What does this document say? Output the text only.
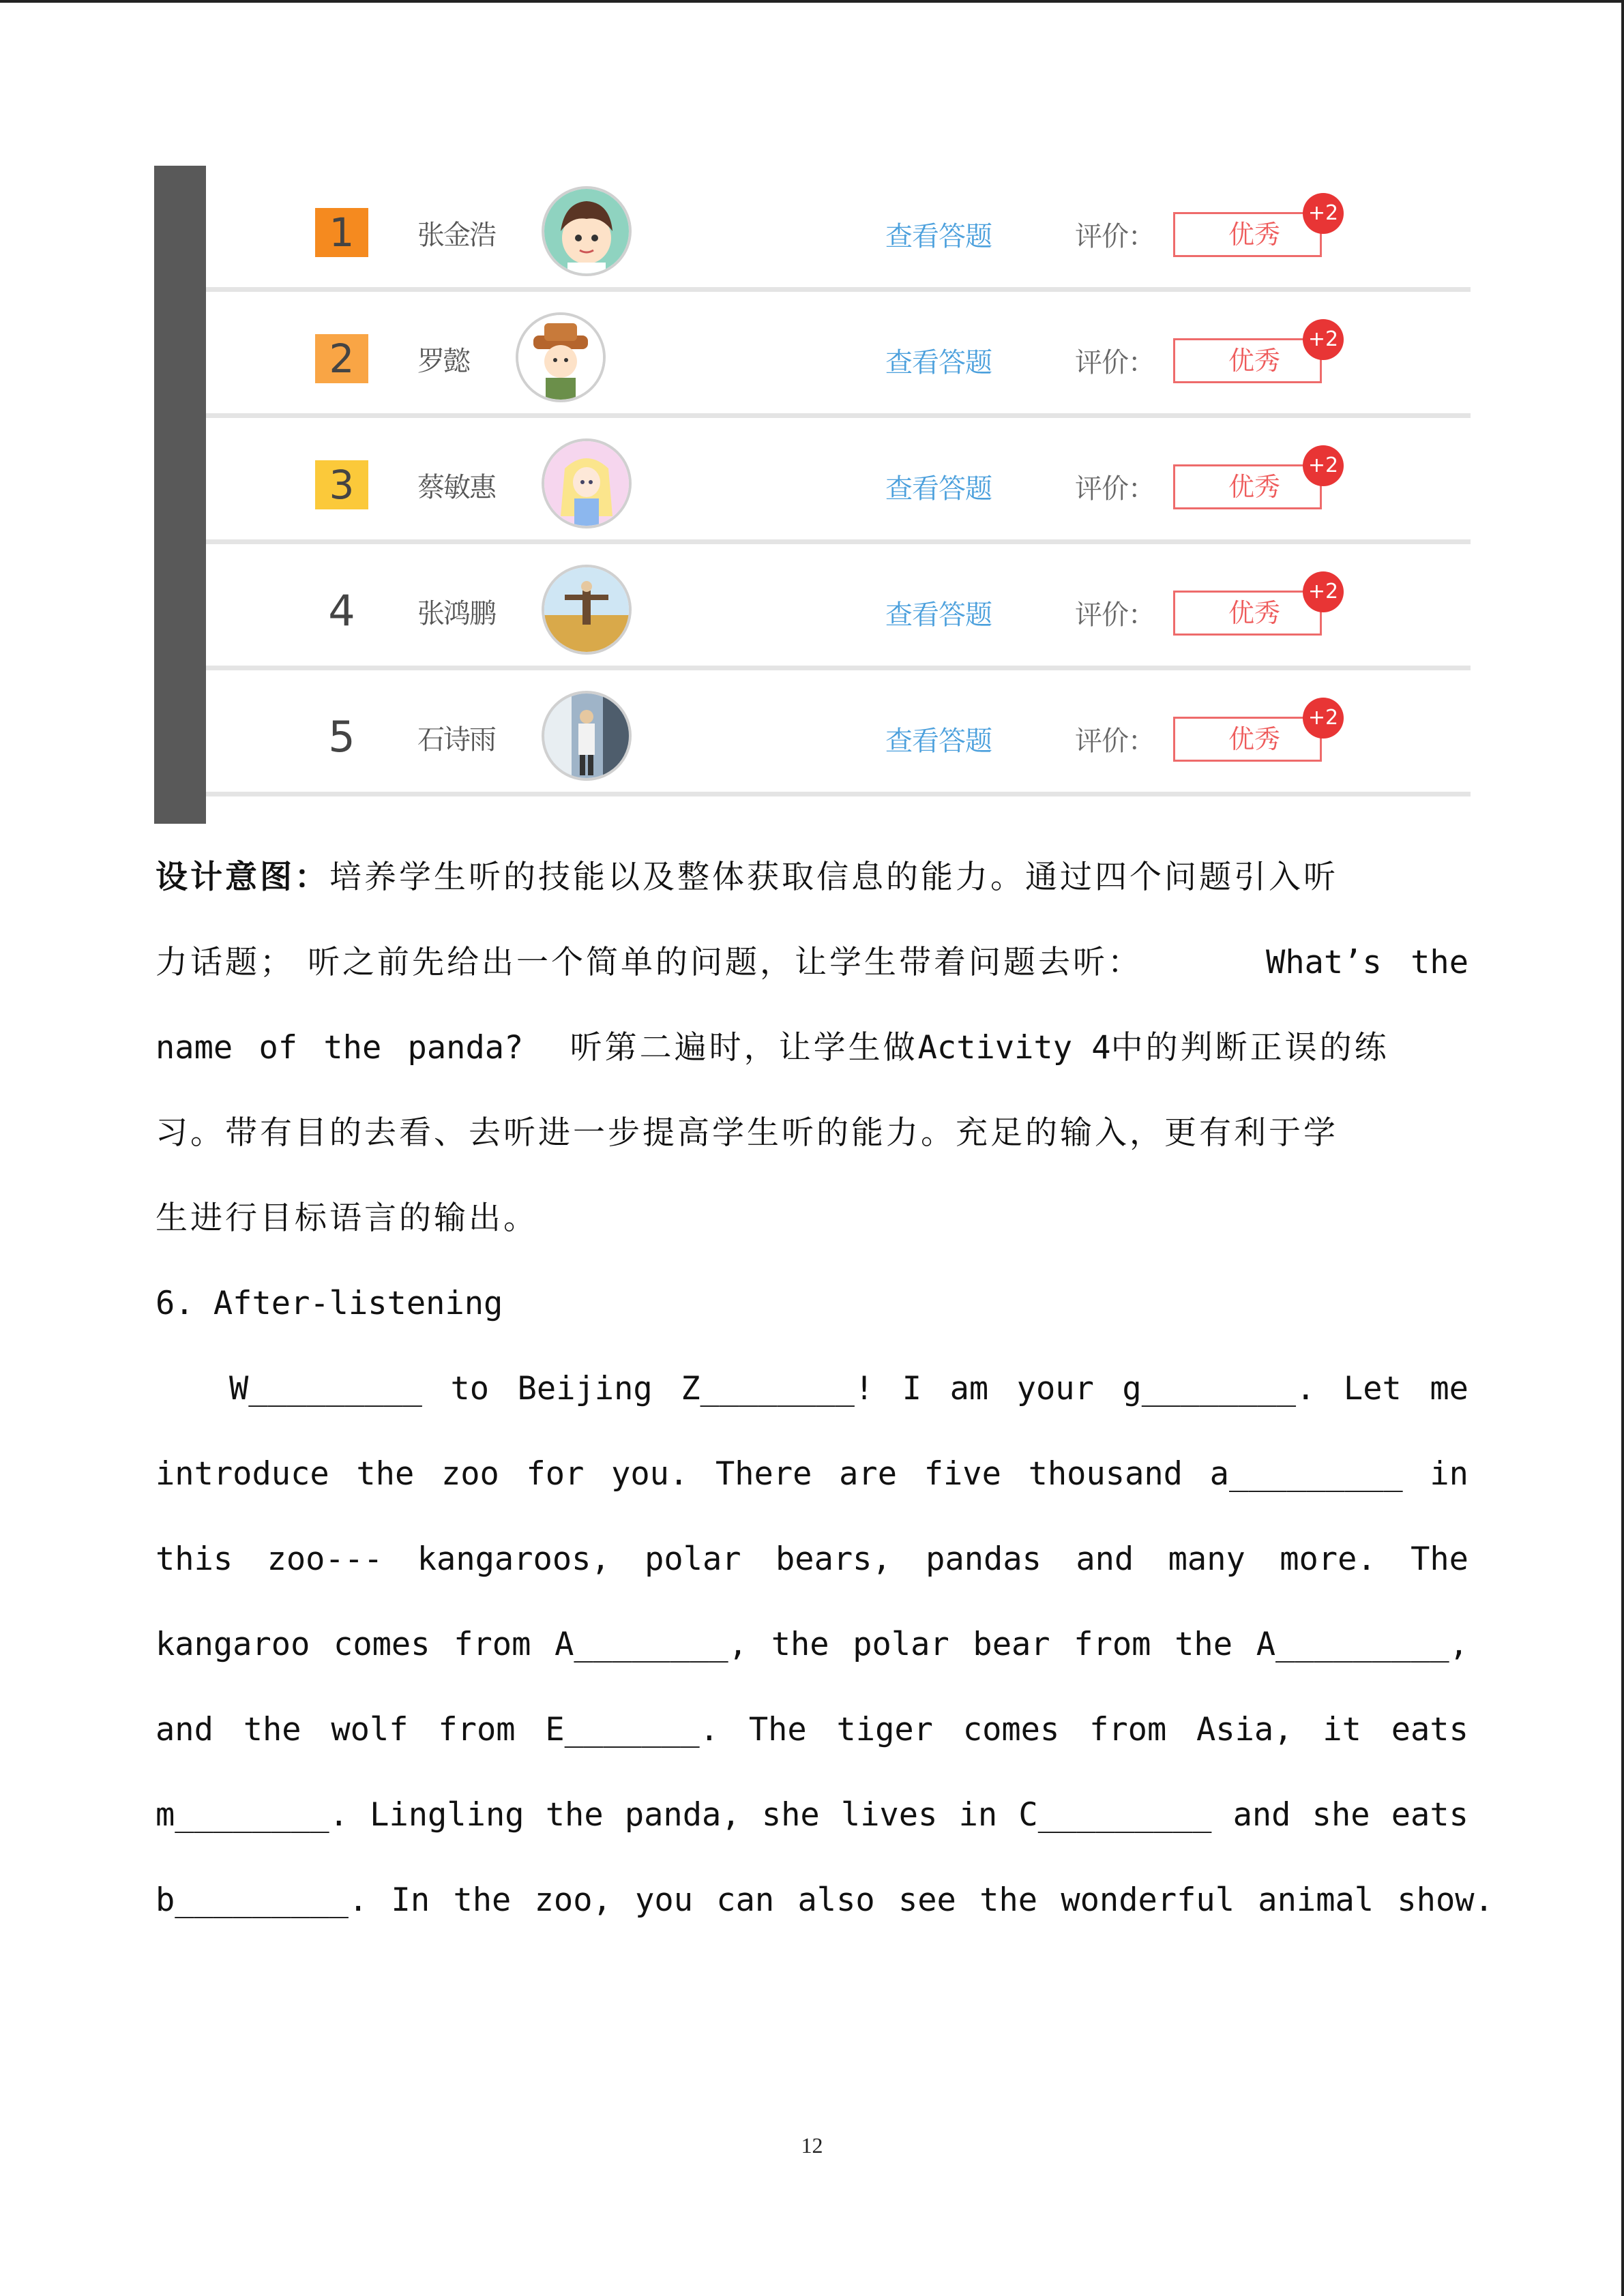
1	张金浩	查看答题	评价：	优秀
+2
2	罗懿	查看答题	评价：	优秀
+2
3	蔡敏惠	查看答题	评价：	优秀
+2
4	张鸿鹏	查看答题	评价：	优秀
+2
5	石诗雨	查看答题	评价：	优秀
+2
设计意图：培养学生听的技能以及整体获取信息的能力。通过四个问题引入听
力话题； 听之前先给出一个简单的问题，让学生带着问题去听：	What’s the
name of the panda? 听第二遍时，让学生做Activity 4中的判断正误的练
习。带有目的去看、去听进一步提高学生听的能力。充足的输入，更有利于学
生进行目标语言的输出。
6. After-listening
W_________ to Beijing Z________! I am your g________. Let me
introduce the zoo for you. There are five thousand a_________ in
this zoo--- kangaroos, polar bears, pandas and many more. The
kangaroo comes from A________, the polar bear from the A_________,
and the wolf from E_______. The tiger comes from Asia, it eats
m________. Lingling the panda, she lives in C_________ and she eats
b_________. In the zoo, you can also see the wonderful animal show.
12
